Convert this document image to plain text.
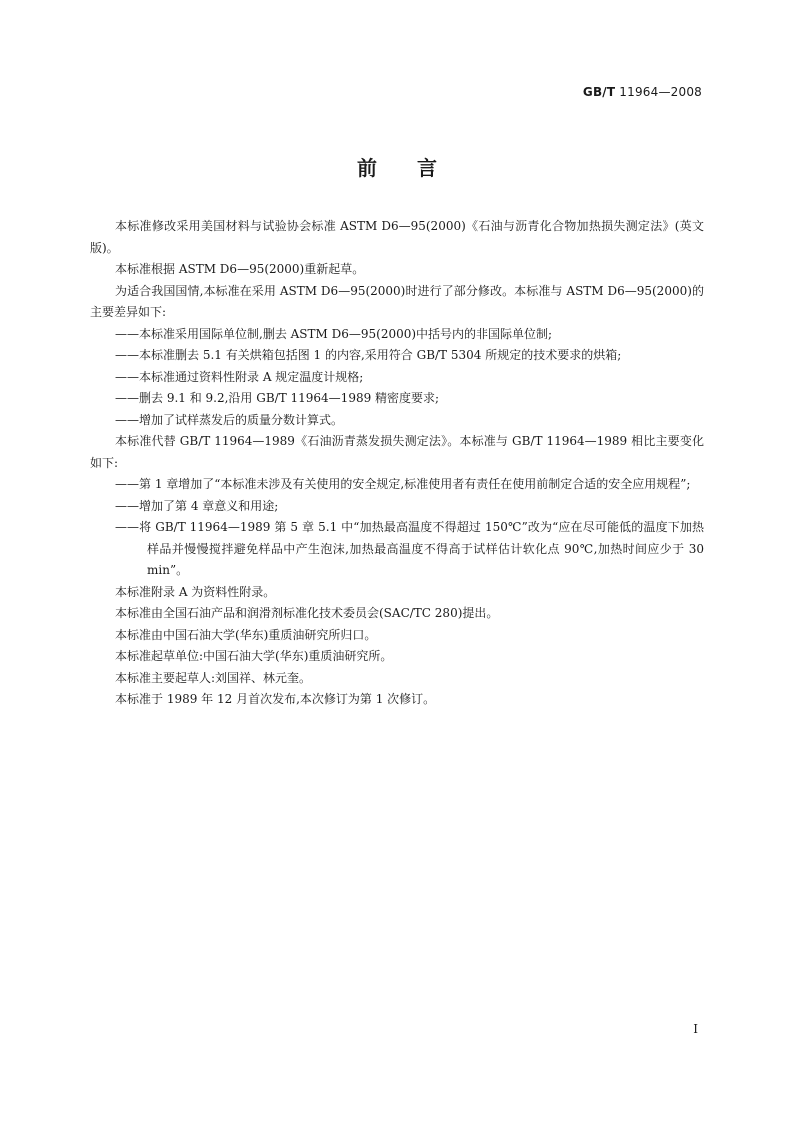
GB/T 11964—2008
前言

本标准修改采用美国材料与试验协会标准 ASTM D6—95(2000)《石油与沥青化合物加热损失测定法》(英文版)。

本标准根据 ASTM D6—95(2000)重新起草。

为适合我国国情,本标准在采用 ASTM D6—95(2000)时进行了部分修改。本标准与 ASTM D6—95(2000)的主要差异如下:

——本标准采用国际单位制,删去 ASTM D6—95(2000)中括号内的非国际单位制;

——本标准删去 5.1 有关烘箱包括图 1 的内容,采用符合 GB/T 5304 所规定的技术要求的烘箱;

——本标准通过资料性附录 A 规定温度计规格;

——删去 9.1 和 9.2,沿用 GB/T 11964—1989 精密度要求;

——增加了试样蒸发后的质量分数计算式。

本标准代替 GB/T 11964—1989《石油沥青蒸发损失测定法》。本标准与 GB/T 11964—1989 相比主要变化如下:

——第 1 章增加了“本标准未涉及有关使用的安全规定,标准使用者有责任在使用前制定合适的安全应用规程”;

——增加了第 4 章意义和用途;

——将 GB/T 11964—1989 第 5 章 5.1 中“加热最高温度不得超过 150℃”改为“应在尽可能低的温度下加热样品并慢慢搅拌避免样品中产生泡沫,加热最高温度不得高于试样估计软化点 90℃,加热时间应少于 30 min”。

本标准附录 A 为资料性附录。

本标准由全国石油产品和润滑剂标准化技术委员会(SAC/TC 280)提出。

本标准由中国石油大学(华东)重质油研究所归口。

本标准起草单位:中国石油大学(华东)重质油研究所。

本标准主要起草人:刘国祥、林元奎。

本标准于 1989 年 12 月首次发布,本次修订为第 1 次修订。

I
